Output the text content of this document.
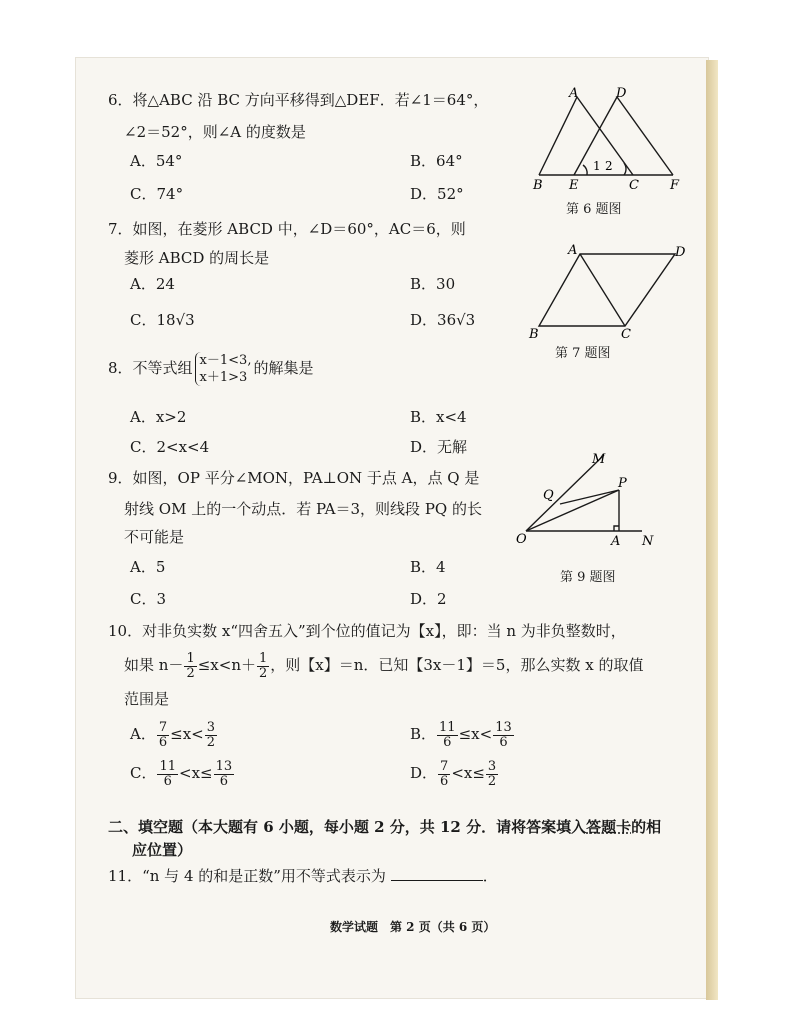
6．将△ABC 沿 BC 方向平移得到△DEF．若∠1＝64°，
∠2＝52°，则∠A 的度数是
A．54°	B．64°
C．74°	D．52°
A	D
1 2
B E	C F
第 6 题图
7．如图，在菱形 ABCD 中，∠D＝60°，AC＝6，则
菱形 ABCD 的周长是
A．24	B．30
C．18√3	D．36√3
A	D
B	C
第 7 题图
8．不等式组 x－1<3,
x＋1>3
的解集是
A．x>2	B．x<4
C．2<x<4	D．无解
9．如图，OP 平分∠MON，PA⊥ON 于点 A，点 Q 是
射线 OM 上的一个动点．若 PA＝3，则线段 PQ 的长
不可能是
A．5	B．4
C．3	D．2
M
Q
P
O	A N
第 9 题图
10．对非负实数 x“四舍五入”到个位的值记为【x】，即：当 n 为非负整数时，
如果 $n- \frac{1}{2} \le x<n+ \frac{1}{2}$ ，则【x】＝n．已知【3x－1】＝5，那么实数 x 的取值
范围是
A． $\frac{7}{6} \le x< \frac{3}{2}$	B． $\frac{11}{6} \le x< \frac{13}{6}$
C． $\frac{11}{6} <x\le \frac{13}{6}$	D． $\frac{7}{6} <x\le \frac{3}{2}$
二、填空题（本大题有 6 小题，每小题 2 分，共 12 分．请将答案填入答题卡的相
应位置）
11．“n 与 4 的和是正数”用不等式表示为	．
数学试题　第 2 页（共 6 页）
